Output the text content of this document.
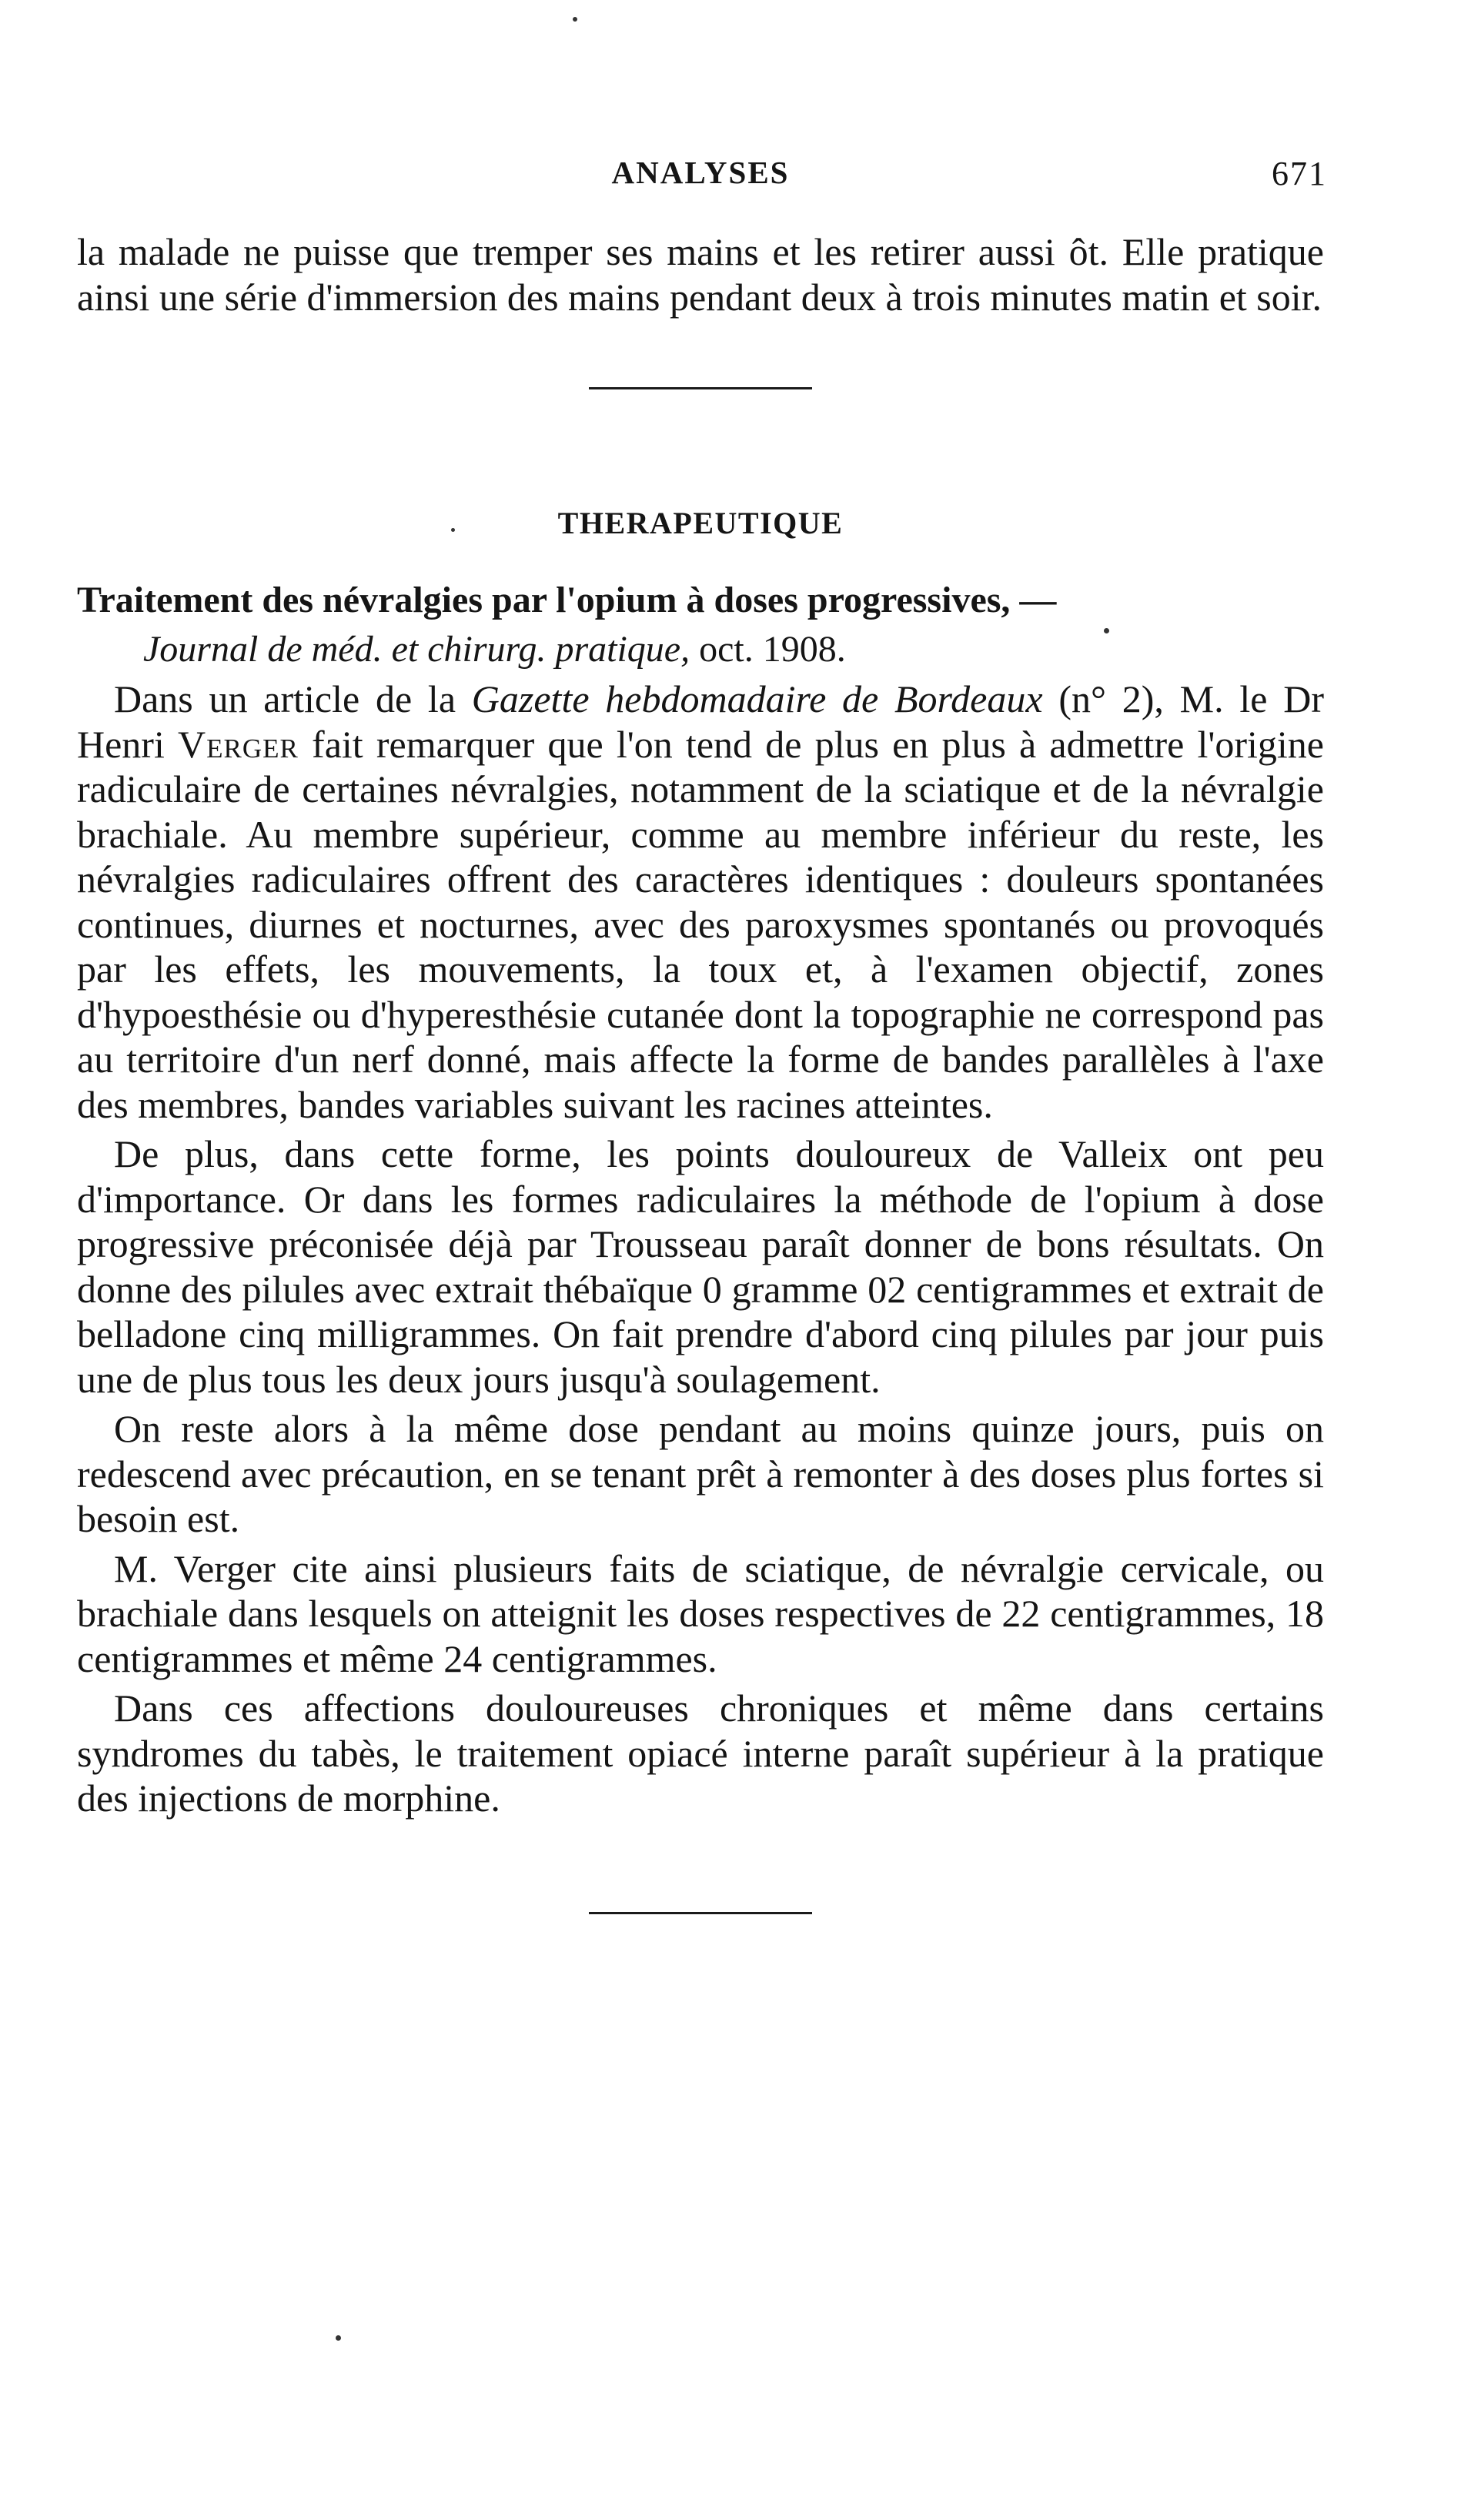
ANALYSES	671

la malade ne puisse que tremper ses mains et les retirer aussi ôt. Elle pratique ainsi une série d'immersion des mains pendant deux à trois minutes matin et soir.

THERAPEUTIQUE

Traitement des névralgies par l'opium à doses progressives, —

Journal de méd. et chirurg. pratique, oct. 1908.

Dans un article de la Gazette hebdomadaire de Bordeaux (n° 2), M. le Dr Henri Verger fait remarquer que l'on tend de plus en plus à admettre l'origine radiculaire de certaines névralgies, notamment de la sciatique et de la névralgie brachiale. Au membre supérieur, comme au membre inférieur du reste, les névralgies radiculaires offrent des caractères identiques : douleurs spontanées continues, diurnes et nocturnes, avec des paroxysmes spontanés ou provoqués par les effets, les mouvements, la toux et, à l'examen objectif, zones d'hypoesthésie ou d'hyperesthésie cutanée dont la topographie ne correspond pas au territoire d'un nerf donné, mais affecte la forme de bandes parallèles à l'axe des membres, bandes variables suivant les racines atteintes.

De plus, dans cette forme, les points douloureux de Valleix ont peu d'importance. Or dans les formes radiculaires la méthode de l'opium à dose progressive préconisée déjà par Trousseau paraît donner de bons résultats. On donne des pilules avec extrait thébaïque 0 gramme 02 centigrammes et extrait de belladone cinq milligrammes. On fait prendre d'abord cinq pilules par jour puis une de plus tous les deux jours jusqu'à soulagement.

On reste alors à la même dose pendant au moins quinze jours, puis on redescend avec précaution, en se tenant prêt à remonter à des doses plus fortes si besoin est.

M. Verger cite ainsi plusieurs faits de sciatique, de névralgie cervicale, ou brachiale dans lesquels on atteignit les doses respectives de 22 centigrammes, 18 centigrammes et même 24 centigrammes.

Dans ces affections douloureuses chroniques et même dans certains syndromes du tabès, le traitement opiacé interne paraît supérieur à la pratique des injections de morphine.
